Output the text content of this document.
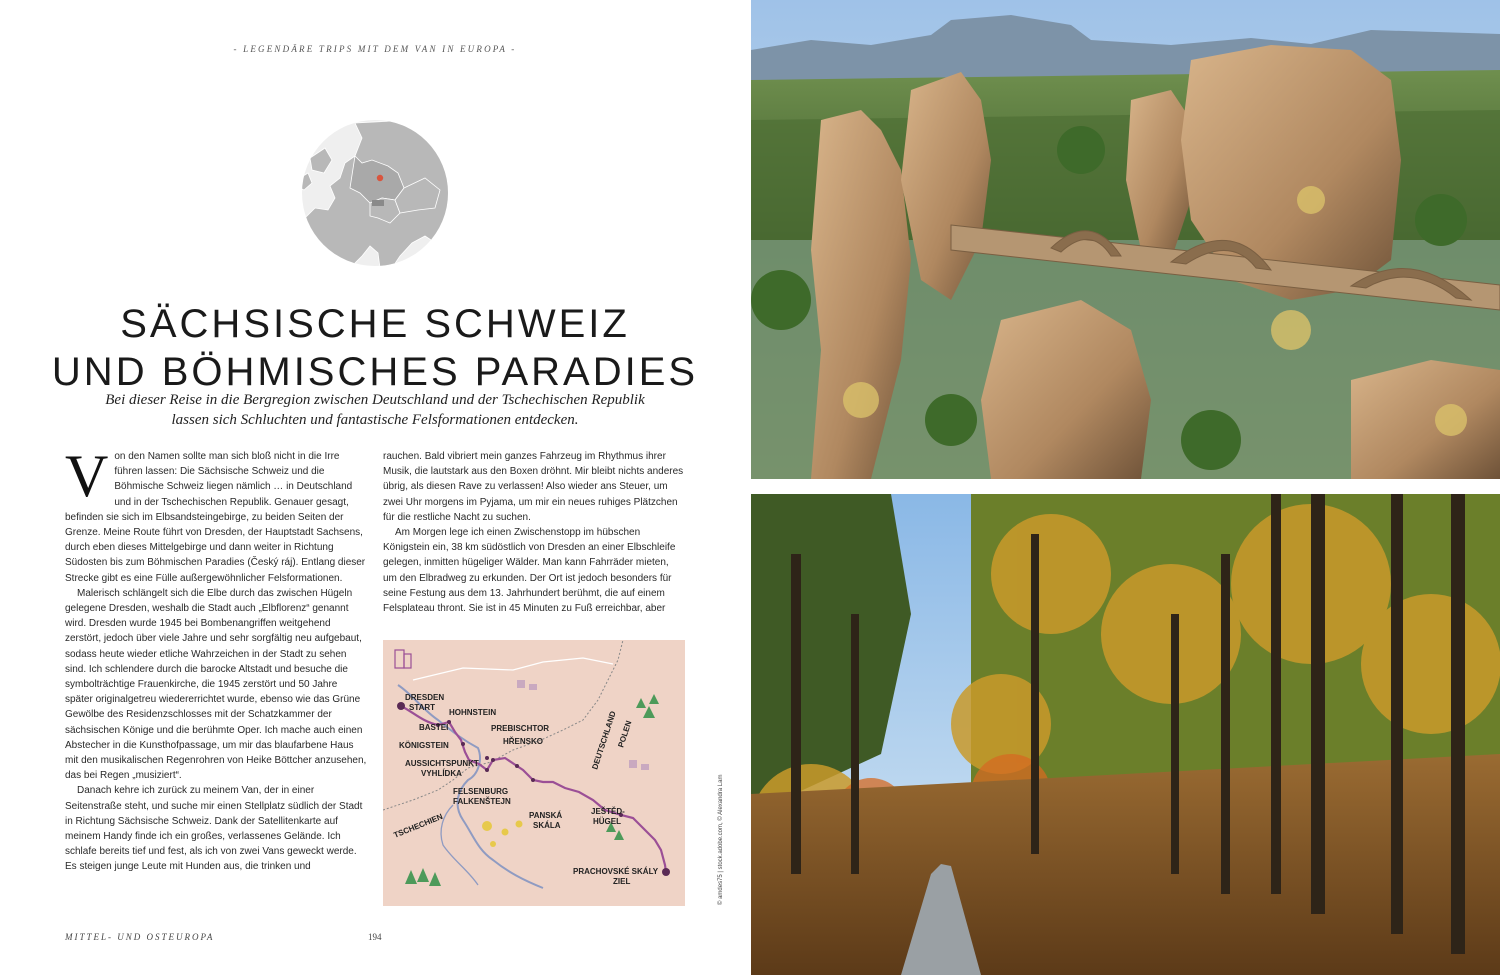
- LEGENDÄRE TRIPS MIT DEM VAN IN EUROPA -
SÄCHSISCHE SCHWEIZ
UND BÖHMISCHES PARADIES
Bei dieser Reise in die Bergregion zwischen Deutschland und der Tschechischen Republik
lassen sich Schluchten und fantastische Felsformationen entdecken.

Von den Namen sollte man sich bloß nicht in die Irre führen lassen: Die Sächsische Schweiz und die Böhmische Schweiz liegen nämlich … in Deutschland und in der Tschechischen Republik. Genauer gesagt, befinden sie sich im Elbsandsteingebirge, zu beiden Seiten der Grenze. Meine Route führt von Dresden, der Hauptstadt Sachsens, durch eben dieses Mittelgebirge und dann weiter in Richtung Südosten bis zum Böhmischen Paradies (Český ráj). Entlang dieser Strecke gibt es eine Fülle außergewöhnlicher Felsformationen.

Malerisch schlängelt sich die Elbe durch das zwischen Hügeln gelegene Dresden, weshalb die Stadt auch „Elbflorenz“ genannt wird. Dresden wurde 1945 bei Bombenangriffen weitgehend zerstört, jedoch über viele Jahre und sehr sorgfältig neu aufgebaut, sodass heute wieder etliche Wahrzeichen in der Stadt zu sehen sind. Ich schlendere durch die barocke Altstadt und besuche die symbolträchtige Frauenkirche, die 1945 zerstört und 50 Jahre später originalgetreu wiedererrichtet wurde, ebenso wie das Grüne Gewölbe des Residenzschlosses mit der Schatzkammer der sächsischen Könige und die berühmte Oper. Ich mache auch einen Abstecher in die Kunsthofpassage, um mir das blaufarbene Haus mit den musikalischen Regenrohren von Heike Böttcher anzusehen, das bei Regen „musiziert“.

Danach kehre ich zurück zu meinem Van, der in einer Seitenstraße steht, und suche mir einen Stellplatz südlich der Stadt in Richtung Sächsische Schweiz. Dank der Satellitenkarte auf meinem Handy finde ich ein großes, verlassenes Gelände. Ich schlafe bereits tief und fest, als ich von zwei Vans geweckt werde. Es steigen junge Leute mit Hunden aus, die trinken und

rauchen. Bald vibriert mein ganzes Fahrzeug im Rhythmus ihrer Musik, die lautstark aus den Boxen dröhnt. Mir bleibt nichts anderes übrig, als diesen Rave zu verlassen! Also wieder ans Steuer, um zwei Uhr morgens im Pyjama, um mir ein neues ruhiges Plätzchen für die restliche Nacht zu suchen.

Am Morgen lege ich einen Zwischenstopp im hübschen Königstein ein, 38 km südöstlich von Dresden an einer Elbschleife gelegen, inmitten hügeliger Wälder. Man kann Fahrräder mieten, um den Elbradweg zu erkunden. Der Ort ist jedoch besonders für seine Festung aus dem 13. Jahrhundert berühmt, die auf einem Felsplateau thront. Sie ist in 45 Minuten zu Fuß erreichbar, aber

DRESDEN
START
HOHNSTEIN
BASTEI	PREBISCHTOR
HŘENSKO
KÖNIGSTEIN
AUSSICHTSPUNKT
VYHLÍDKA
FELSENBURG
FALKENŠTEJN
PANSKÁ
SKÁLA
JEŠTĚD-
HÜGEL
PRACHOVSKÉ SKÁLY
ZIEL
TSCHECHIEN
DEUTSCHLAND
POLEN
MITTEL- UND OSTEUROPA	194
© amdes75 | stock.adobe.com, © Alexandra Lam
